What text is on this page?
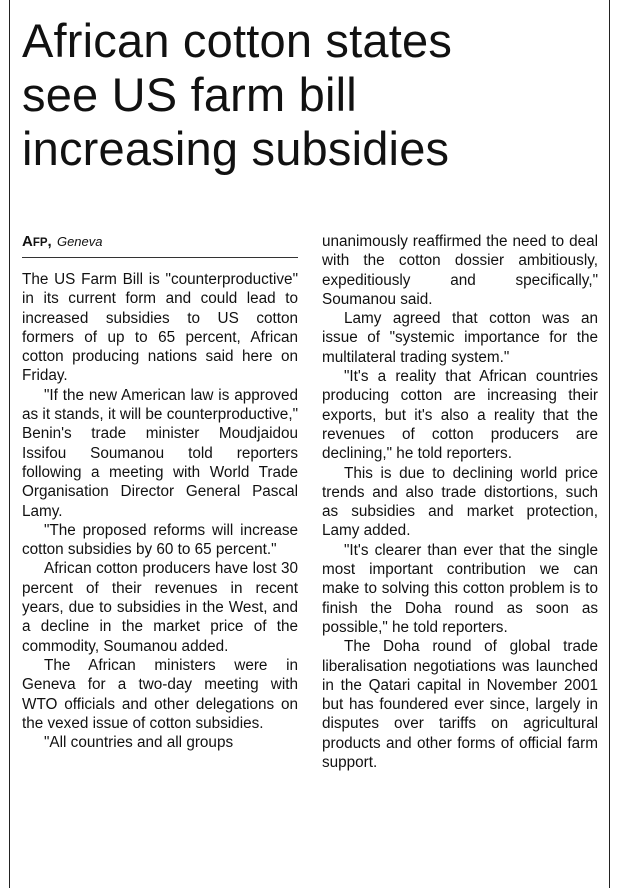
African cotton states
see US farm bill
increasing subsidies
AFP, Geneva

The US Farm Bill is "counterproductive" in its current form and could lead to increased subsidies to US cotton formers of up to 65 percent, African cotton producing nations said here on Friday.

"If the new American law is approved as it stands, it will be counterproductive," Benin's trade minister Moudjaidou Issifou Soumanou told reporters following a meeting with World Trade Organisation Director General Pascal Lamy.

"The proposed reforms will increase cotton subsidies by 60 to 65 percent."

African cotton producers have lost 30 percent of their revenues in recent years, due to subsidies in the West, and a decline in the market price of the commodity, Soumanou added.

The African ministers were in Geneva for a two-day meeting with WTO officials and other delegations on the vexed issue of cotton subsidies.

"All countries and all groups

unanimously reaffirmed the need to deal with the cotton dossier ambitiously, expeditiously and specifically," Soumanou said.

Lamy agreed that cotton was an issue of "systemic importance for the multilateral trading system."

"It's a reality that African countries producing cotton are increasing their exports, but it's also a reality that the revenues of cotton producers are declining," he told reporters.

This is due to declining world price trends and also trade distortions, such as subsidies and market protection, Lamy added.

"It's clearer than ever that the single most important contribution we can make to solving this cotton problem is to finish the Doha round as soon as possible," he told reporters.

The Doha round of global trade liberalisation negotiations was launched in the Qatari capital in November 2001 but has foundered ever since, largely in disputes over tariffs on agricultural products and other forms of official farm support.
